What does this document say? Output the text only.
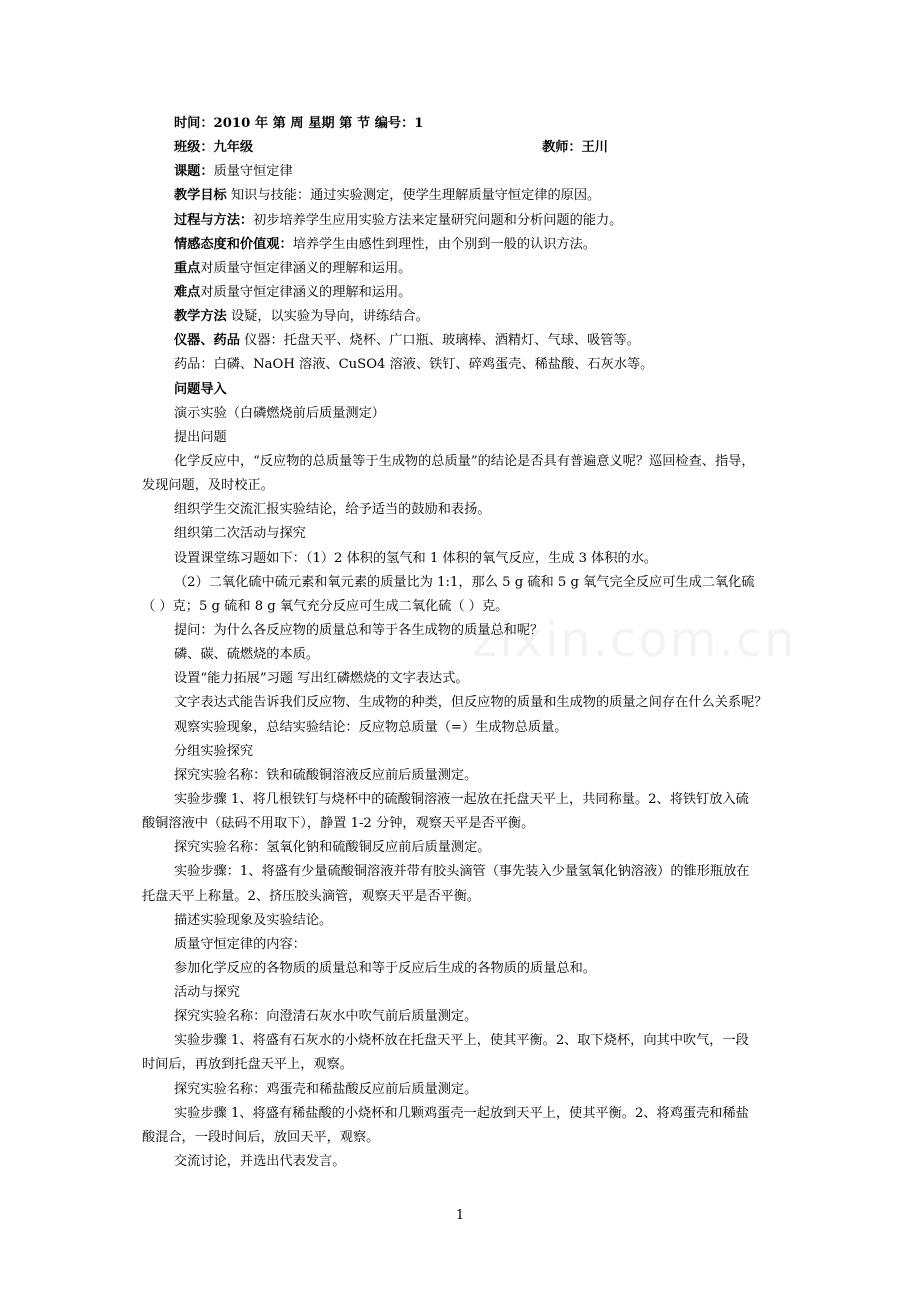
时间：2010 年 第 周 星期 第 节 编号：1
班级：九年级	教师：王川
课题：质量守恒定律
教学目标 知识与技能：通过实验测定，使学生理解质量守恒定律的原因。
过程与方法：初步培养学生应用实验方法来定量研究问题和分析问题的能力。
情感态度和价值观：培养学生由感性到理性，由个别到一般的认识方法。
重点对质量守恒定律涵义的理解和运用。
难点对质量守恒定律涵义的理解和运用。
教学方法 设疑，以实验为导向，讲练结合。
仪器、药品 仪器：托盘天平、烧杯、广口瓶、玻璃棒、酒精灯、气球、吸管等。
药品：白磷、NaOH 溶液、CuSO4 溶液、铁钉、碎鸡蛋壳、稀盐酸、石灰水等。
问题导入
演示实验（白磷燃烧前后质量测定）
提出问题
化学反应中，“反应物的总质量等于生成物的总质量”的结论是否具有普遍意义呢？巡回检查、指导，
发现问题，及时校正。
组织学生交流汇报实验结论，给予适当的鼓励和表扬。
组织第二次活动与探究
设置课堂练习题如下：（1）2 体积的氢气和 1 体积的氧气反应，生成 3 体积的水。
（2）二氧化硫中硫元素和氧元素的质量比为 1:1，那么 5 g 硫和 5 g 氧气完全反应可生成二氧化硫
（ ）克；5 g 硫和 8 g 氧气充分反应可生成二氧化硫（ ）克。
提问：为什么各反应物的质量总和等于各生成物的质量总和呢？
磷、碳、硫燃烧的本质。
设置“能力拓展”习题 写出红磷燃烧的文字表达式。
文字表达式能告诉我们反应物、生成物的种类，但反应物的质量和生成物的质量之间存在什么关系呢？
观察实验现象，总结实验结论：反应物总质量（=）生成物总质量。
分组实验探究
探究实验名称：铁和硫酸铜溶液反应前后质量测定。
实验步骤 1、将几根铁钉与烧杯中的硫酸铜溶液一起放在托盘天平上，共同称量。2、将铁钉放入硫
酸铜溶液中（砝码不用取下），静置 1-2 分钟，观察天平是否平衡。
探究实验名称：氢氧化钠和硫酸铜反应前后质量测定。
实验步骤：1、将盛有少量硫酸铜溶液并带有胶头滴管（事先装入少量氢氧化钠溶液）的锥形瓶放在
托盘天平上称量。2、挤压胶头滴管，观察天平是否平衡。
描述实验现象及实验结论。
质量守恒定律的内容：
参加化学反应的各物质的质量总和等于反应后生成的各物质的质量总和。
活动与探究
探究实验名称：向澄清石灰水中吹气前后质量测定。
实验步骤 1、将盛有石灰水的小烧杯放在托盘天平上，使其平衡。2、取下烧杯，向其中吹气，一段
时间后，再放到托盘天平上，观察。
探究实验名称：鸡蛋壳和稀盐酸反应前后质量测定。
实验步骤 1、将盛有稀盐酸的小烧杯和几颗鸡蛋壳一起放到天平上，使其平衡。2、将鸡蛋壳和稀盐
酸混合，一段时间后，放回天平，观察。
交流讨论，并选出代表发言。
1
